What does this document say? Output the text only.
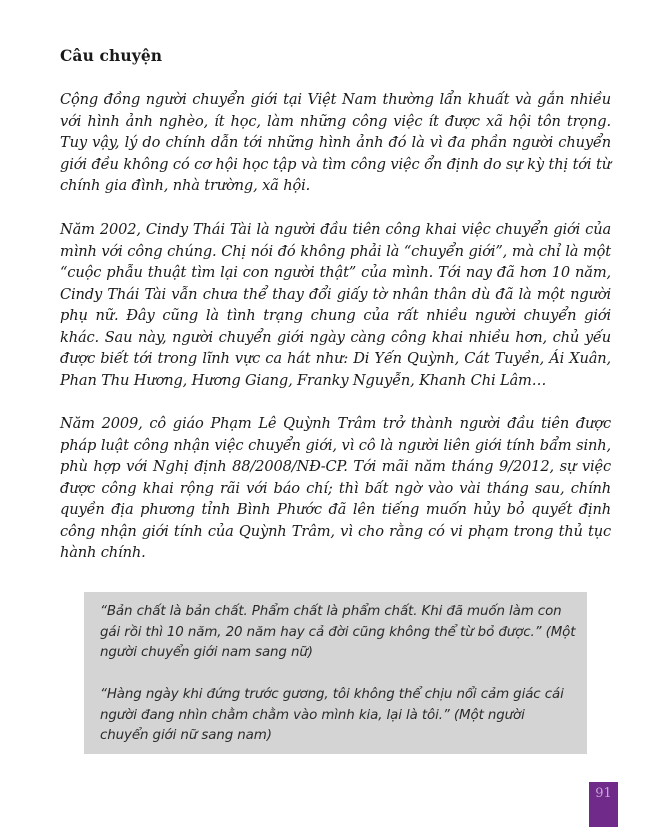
Câu chuyện

Cộng đồng người chuyển giới tại Việt Nam thường lẩn khuất và gắn nhiều với hình ảnh nghèo, ít học, làm những công việc ít được xã hội tôn trọng. Tuy vậy, lý do chính dẫn tới những hình ảnh đó là vì đa phần người chuyển giới đều không có cơ hội học tập và tìm công việc ổn định do sự kỳ thị tới từ chính gia đình, nhà trường, xã hội.

Năm 2002, Cindy Thái Tài là người đầu tiên công khai việc chuyển giới của mình với công chúng. Chị nói đó không phải là “chuyển giới”, mà chỉ là một “cuộc phẫu thuật tìm lại con người thật” của mình. Tới nay đã hơn 10 năm, Cindy Thái Tài vẫn chưa thể thay đổi giấy tờ nhân thân dù đã là một người phụ nữ. Đây cũng là tình trạng chung của rất nhiều người chuyển giới khác. Sau này, người chuyển giới ngày càng công khai nhiều hơn, chủ yếu được biết tới trong lĩnh vực ca hát như: Di Yến Quỳnh, Cát Tuyền, Ái Xuân, Phan Thu Hương, Hương Giang, Franky Nguyễn, Khanh Chi Lâm…

Năm 2009, cô giáo Phạm Lê Quỳnh Trâm trở thành người đầu tiên được pháp luật công nhận việc chuyển giới, vì cô là người liên giới tính bẩm sinh, phù hợp với Nghị định 88/2008/NĐ-CP. Tới mãi năm tháng 9/2012, sự việc được công khai rộng rãi với báo chí; thì bất ngờ vào vài tháng sau, chính quyền địa phương tỉnh Bình Phước đã lên tiếng muốn hủy bỏ quyết định công nhận giới tính của Quỳnh Trâm, vì cho rằng có vi phạm trong thủ tục hành chính.

“Bản chất là bản chất. Phẩm chất là phẩm chất. Khi đã muốn làm con gái rồi thì 10 năm, 20 năm hay cả đời cũng không thể từ bỏ được.” (Một người chuyển giới nam sang nữ)

“Hàng ngày khi đứng trước gương, tôi không thể chịu nổi cảm giác cái người đang nhìn chằm chằm vào mình kia, lại là tôi.” (Một người chuyển giới nữ sang nam)

91
